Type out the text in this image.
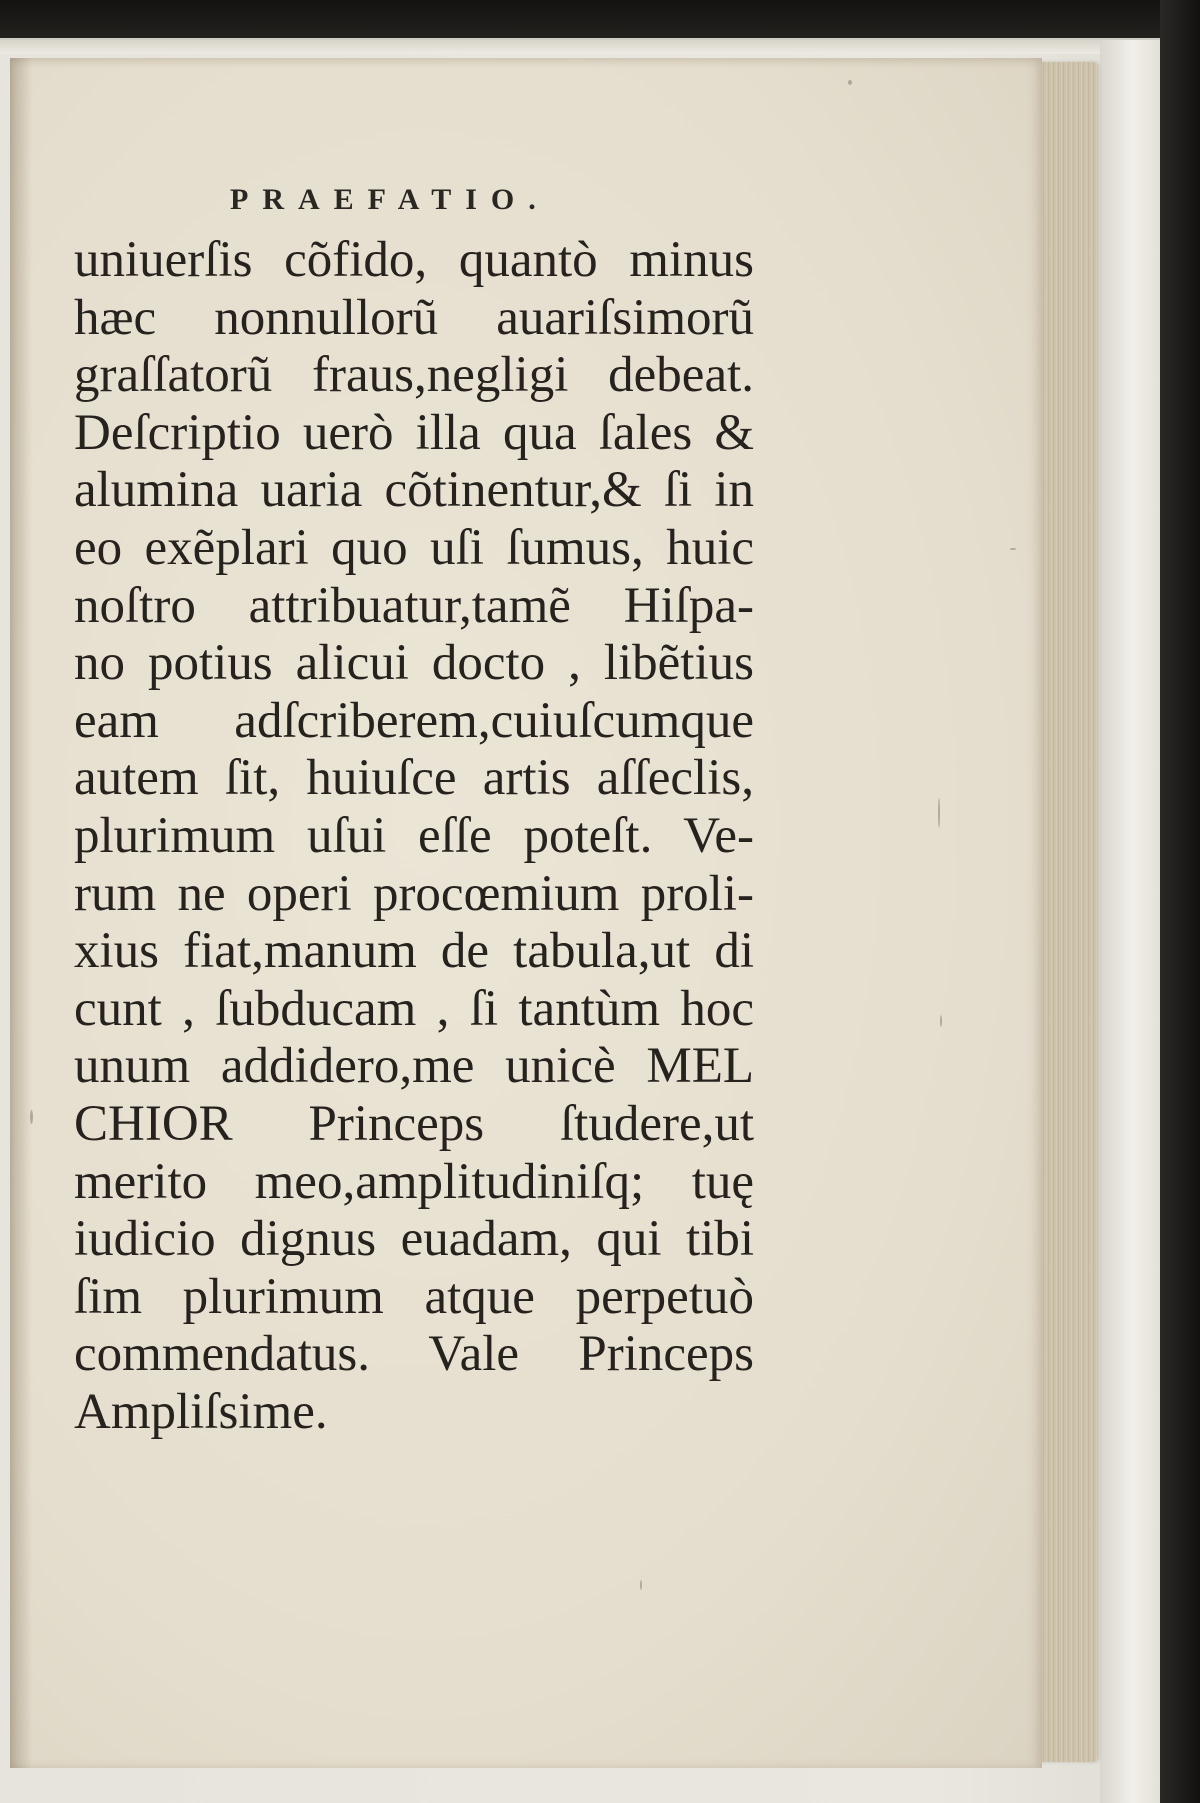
PRAEFATIO.
uniuerſis cõfido, quantò minus
hæc nonnullorũ auariſsimorũ
graſſatorũ fraus,negligi debeat.
Deſcriptio uerò illa qua ſales &
alumina uaria cõtinentur,& ſi in
eo exẽplari quo uſi ſumus, huic
noſtro attribuatur,tamẽ Hiſpa-
no potius alicui docto , libẽtius
eam adſcriberem,cuiuſcumque
autem ſit, huiuſce artis aſſeclis,
plurimum uſui eſſe poteſt. Ve-
rum ne operi procœmium proli-
xius fiat,manum de tabula,ut di
cunt , ſubducam , ſi tantùm hoc
unum addidero,me unicè MEL
CHIOR Princeps ſtudere,ut
merito meo,amplitudiniſq; tuę
iudicio dignus euadam, qui tibi
ſim plurimum atque perpetuò
commendatus. Vale Princeps
Ampliſsime.
